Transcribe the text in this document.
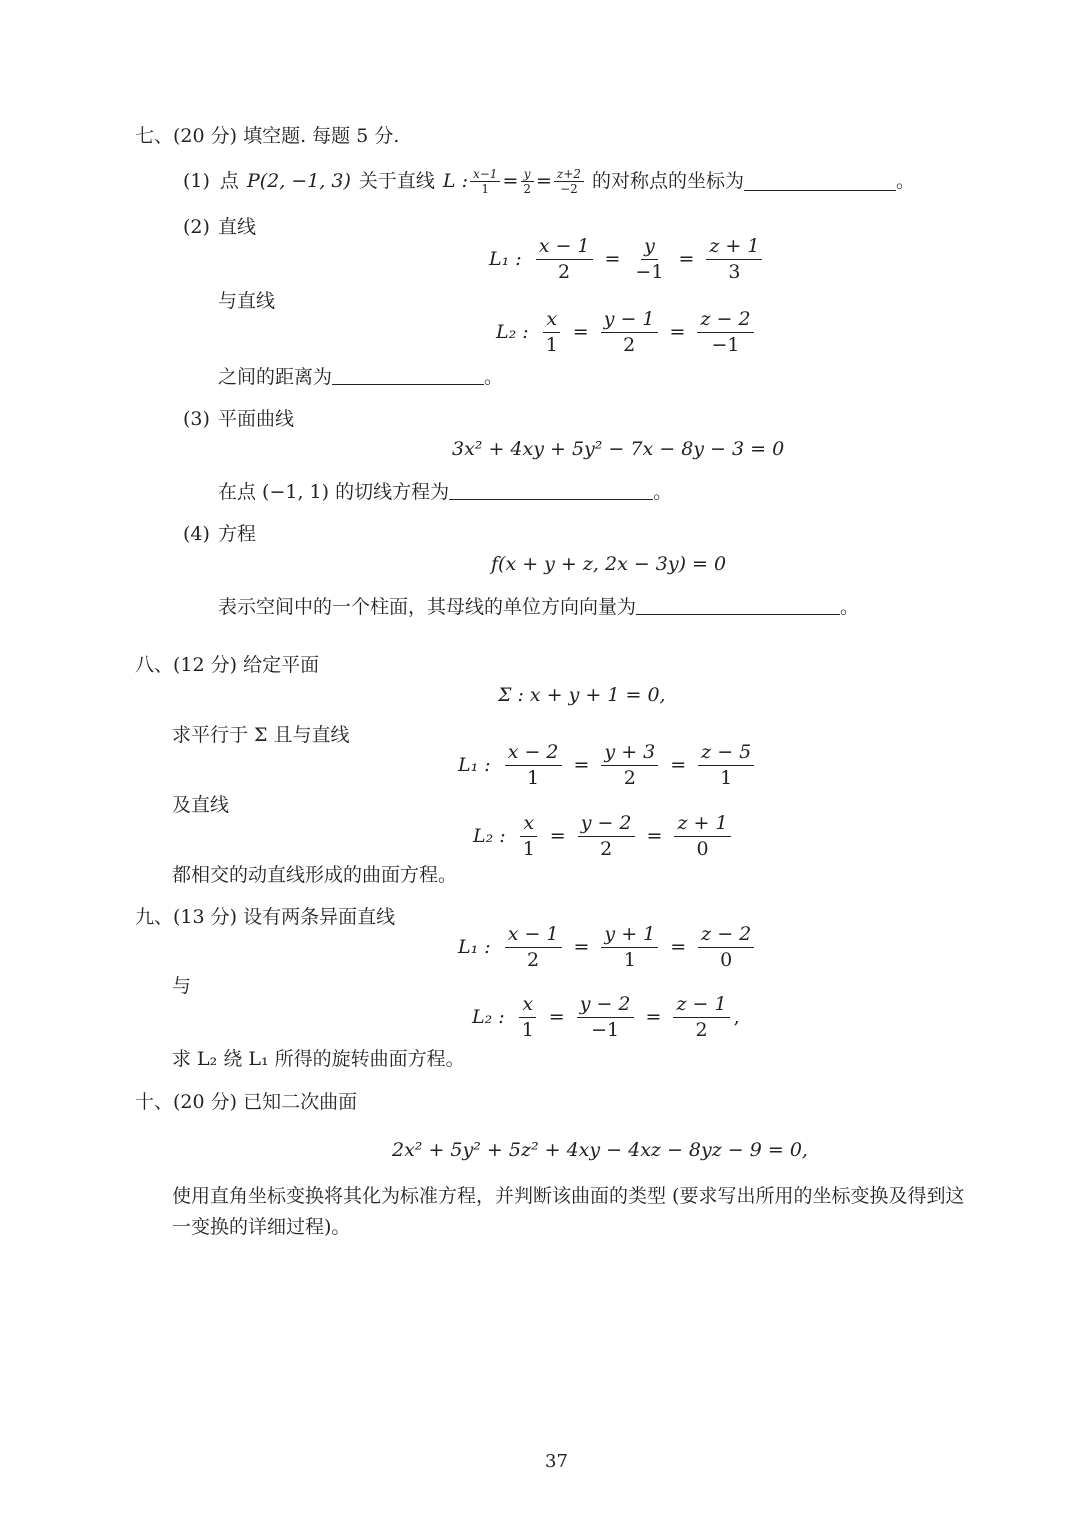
七、(20 分) 填空题. 每题 5 分.
(1) 点 P(2, −1, 3) 关于直线 L : $\frac{x-1}{1} = \frac{y}{2} = \frac{z+2}{-2}$ 的对称点的坐标为	。
(2) 直线
L₁ : $\frac{x - 1}{2} = \frac{y}{-1} = \frac{z + 1}{3}$
与直线
L₂ : $\frac{x}{1} = \frac{y - 1}{2} = \frac{z - 2}{-1}$
之间的距离为	。
(3) 平面曲线
3x² + 4xy + 5y² − 7x − 8y − 3 = 0
在点 (−1, 1) 的切线方程为	。
(4) 方程
f(x + y + z, 2x − 3y) = 0
表示空间中的一个柱面，其母线的单位方向向量为	。
八、(12 分) 给定平面
Σ : x + y + 1 = 0,
求平行于 Σ 且与直线
L₁ : $\frac{x - 2}{1} = \frac{y + 3}{2} = \frac{z - 5}{1}$
及直线
L₂ : $\frac{x}{1} = \frac{y - 2}{2} = \frac{z + 1}{0}$
都相交的动直线形成的曲面方程。
九、(13 分) 设有两条异面直线
L₁ : $\frac{x - 1}{2} = \frac{y + 1}{1} = \frac{z - 2}{0}$
与
L₂ : $\frac{x}{1} = \frac{y - 2}{-1} = \frac{z - 1}{2}$ ,
求 L₂ 绕 L₁ 所得的旋转曲面方程。
十、(20 分) 已知二次曲面
2x² + 5y² + 5z² + 4xy − 4xz − 8yz − 9 = 0,
使用直角坐标变换将其化为标准方程，并判断该曲面的类型 (要求写出所用的坐标变换及得到这
一变换的详细过程)。
37
